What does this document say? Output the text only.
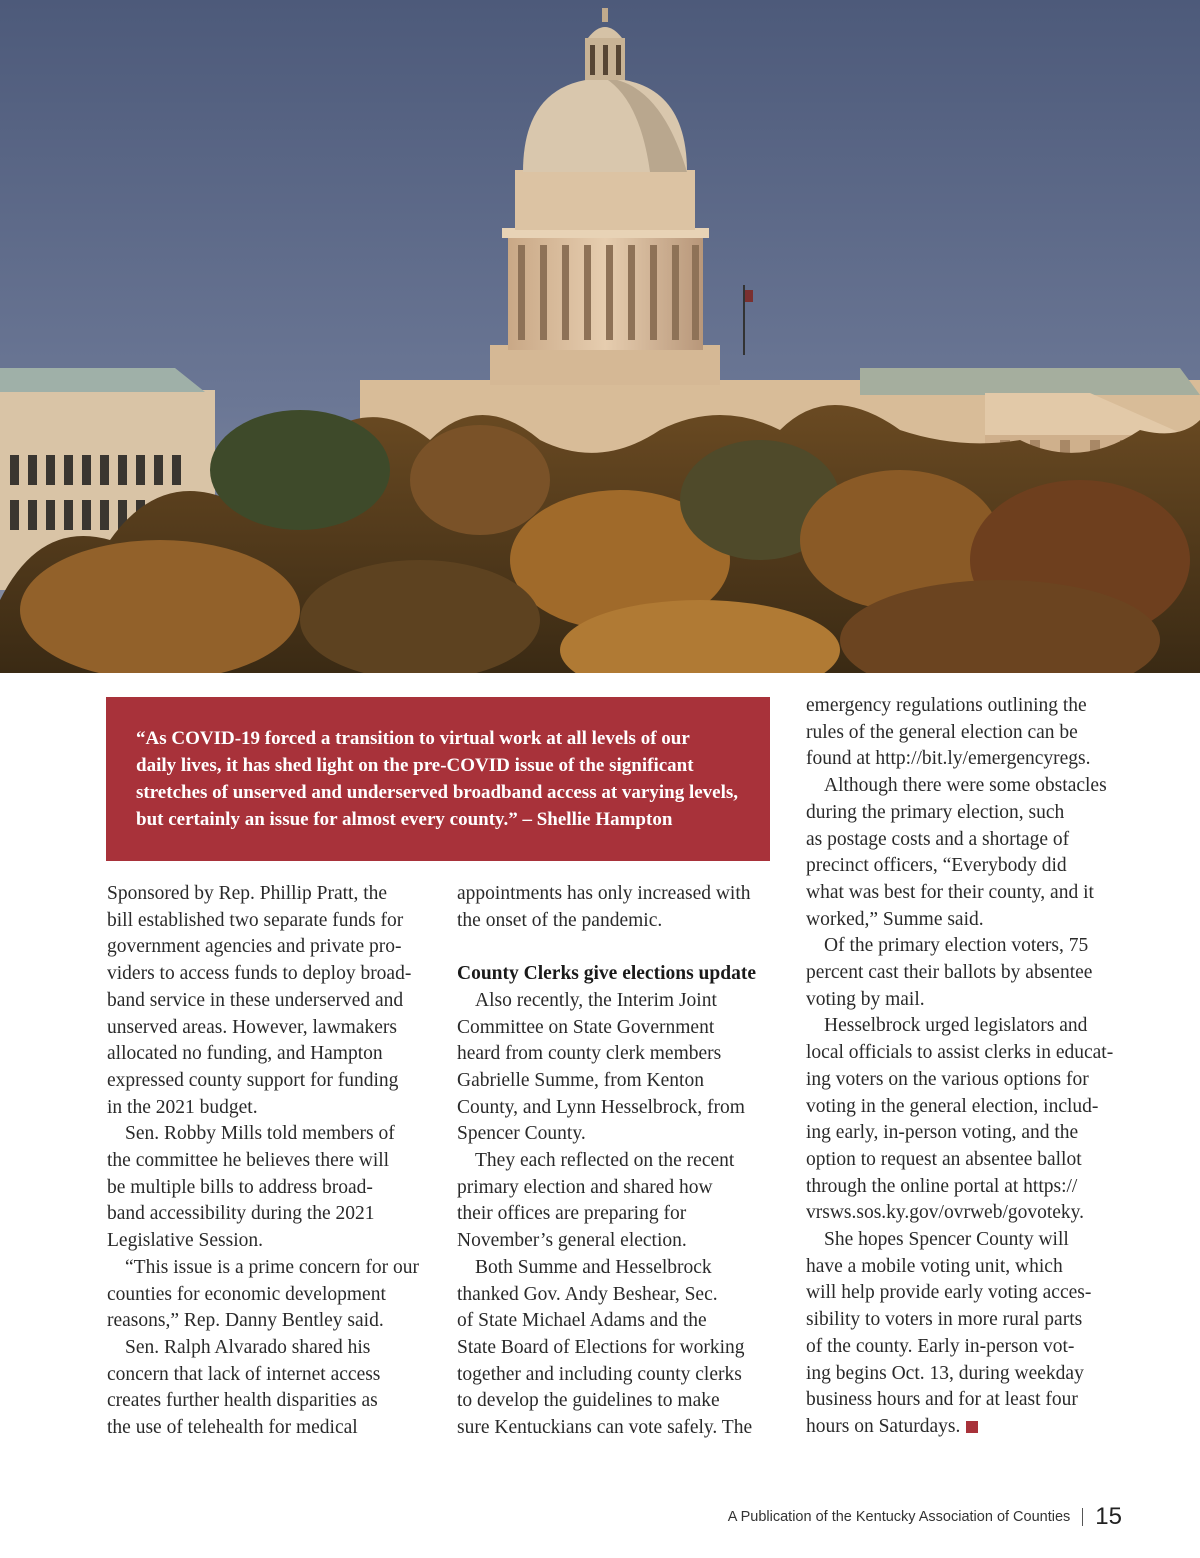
“As COVID-19 forced a transition to virtual work at all levels of our
daily lives, it has shed light on the pre-COVID issue of the significant
stretches of unserved and underserved broadband access at varying levels,
but certainly an issue for almost every county.” – Shellie Hampton

Sponsored by Rep. Phillip Pratt, the
bill established two separate funds for
government agencies and private pro-
viders to access funds to deploy broad-
band service in these underserved and
unserved areas. However, lawmakers
allocated no funding, and Hampton
expressed county support for funding
in the 2021 budget.

Sen. Robby Mills told members of
the committee he believes there will
be multiple bills to address broad-
band accessibility during the 2021
Legislative Session.

“This issue is a prime concern for our
counties for economic development
reasons,” Rep. Danny Bentley said.

Sen. Ralph Alvarado shared his
concern that lack of internet access
creates further health disparities as
the use of telehealth for medical

appointments has only increased with
the onset of the pandemic.

County Clerks give elections update

Also recently, the Interim Joint
Committee on State Government
heard from county clerk members
Gabrielle Summe, from Kenton
County, and Lynn Hesselbrock, from
Spencer County.

They each reflected on the recent
primary election and shared how
their offices are preparing for
November’s general election.

Both Summe and Hesselbrock
thanked Gov. Andy Beshear, Sec.
of State Michael Adams and the
State Board of Elections for working
together and including county clerks
to develop the guidelines to make
sure Kentuckians can vote safely. The

emergency regulations outlining the
rules of the general election can be
found at http://bit.ly/emergencyregs.

Although there were some obstacles
during the primary election, such
as postage costs and a shortage of
precinct officers, “Everybody did
what was best for their county, and it
worked,” Summe said.

Of the primary election voters, 75
percent cast their ballots by absentee
voting by mail.

Hesselbrock urged legislators and
local officials to assist clerks in educat-
ing voters on the various options for
voting in the general election, includ-
ing early, in-person voting, and the
option to request an absentee ballot
through the online portal at https://
vrsws.sos.ky.gov/ovrweb/govoteky.

She hopes Spencer County will
have a mobile voting unit, which
will help provide early voting acces-
sibility to voters in more rural parts
of the county. Early in-person vot-
ing begins Oct. 13, during weekday
business hours and for at least four
hours on Saturdays.

A Publication of the Kentucky Association of Counties 15
